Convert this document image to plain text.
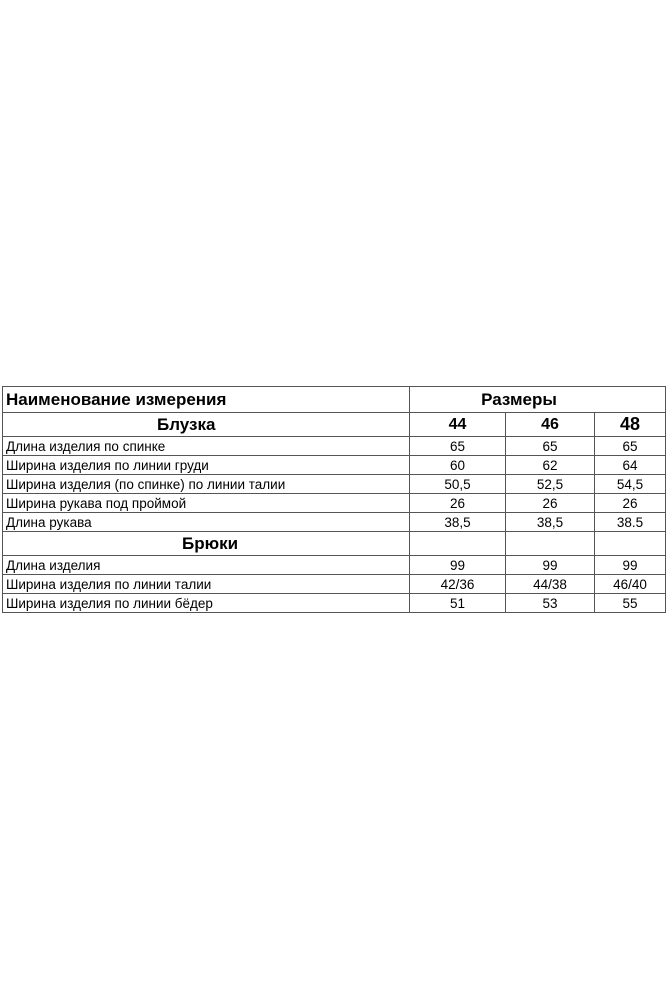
Наименование измерения	Размеры		
Блузка	44	46	48
Длина изделия по спинке	65	65	65
Ширина изделия по линии груди	60	62	64
Ширина изделия (по спинке) по линии талии	50,5	52,5	54,5
Ширина рукава под проймой	26	26	26
Длина рукава	38,5	38,5	38.5
Брюки			
Длина изделия	99	99	99
Ширина изделия по линии талии	42/36	44/38	46/40
Ширина изделия по линии бёдер	51	53	55
